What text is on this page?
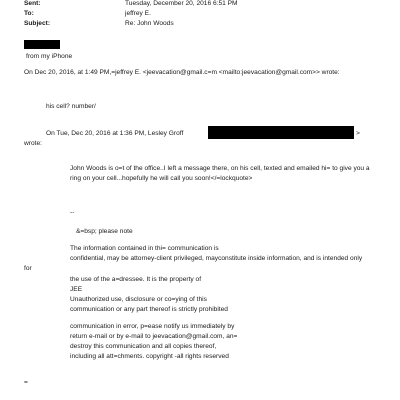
Sent:	Tuesday, December 20, 2016 6:51 PM
To:	jeffrey E.
Subject:	Re: John Woods
from my iPhone
On Dec 20, 2016, at 1:49 PM,=jeffrey E. <jeevacation@gmail.c=m <mailto:jeevacation@gmail.com>> wrote:
his cell? number/
On Tue, Dec 20, 2016 at 1:36 PM, Lesley Groff	>
wrote:
John Woods is o=t of the office..I left a message there, on his cell, texted and emailed hi= to give you a
ring on your cell...hopefully he will call you soon!</=lockquote>
--
&=bsp; please note
The information contained in thi= communication is
confidential, may be attorney-client privileged, mayconstitute inside information, and is intended only
for
the use of the a=dressee. It is the property of
JEE
Unauthorized use, disclosure or co=ying of this
communication or any part thereof is strictly prohibited
communication in error, p=ease notify us immediately by
return e-mail or by e-mail to jeevacation@gmail.com, an=
destroy this communication and all copies thereof,
including all att=chments. copyright -all rights reserved
=
